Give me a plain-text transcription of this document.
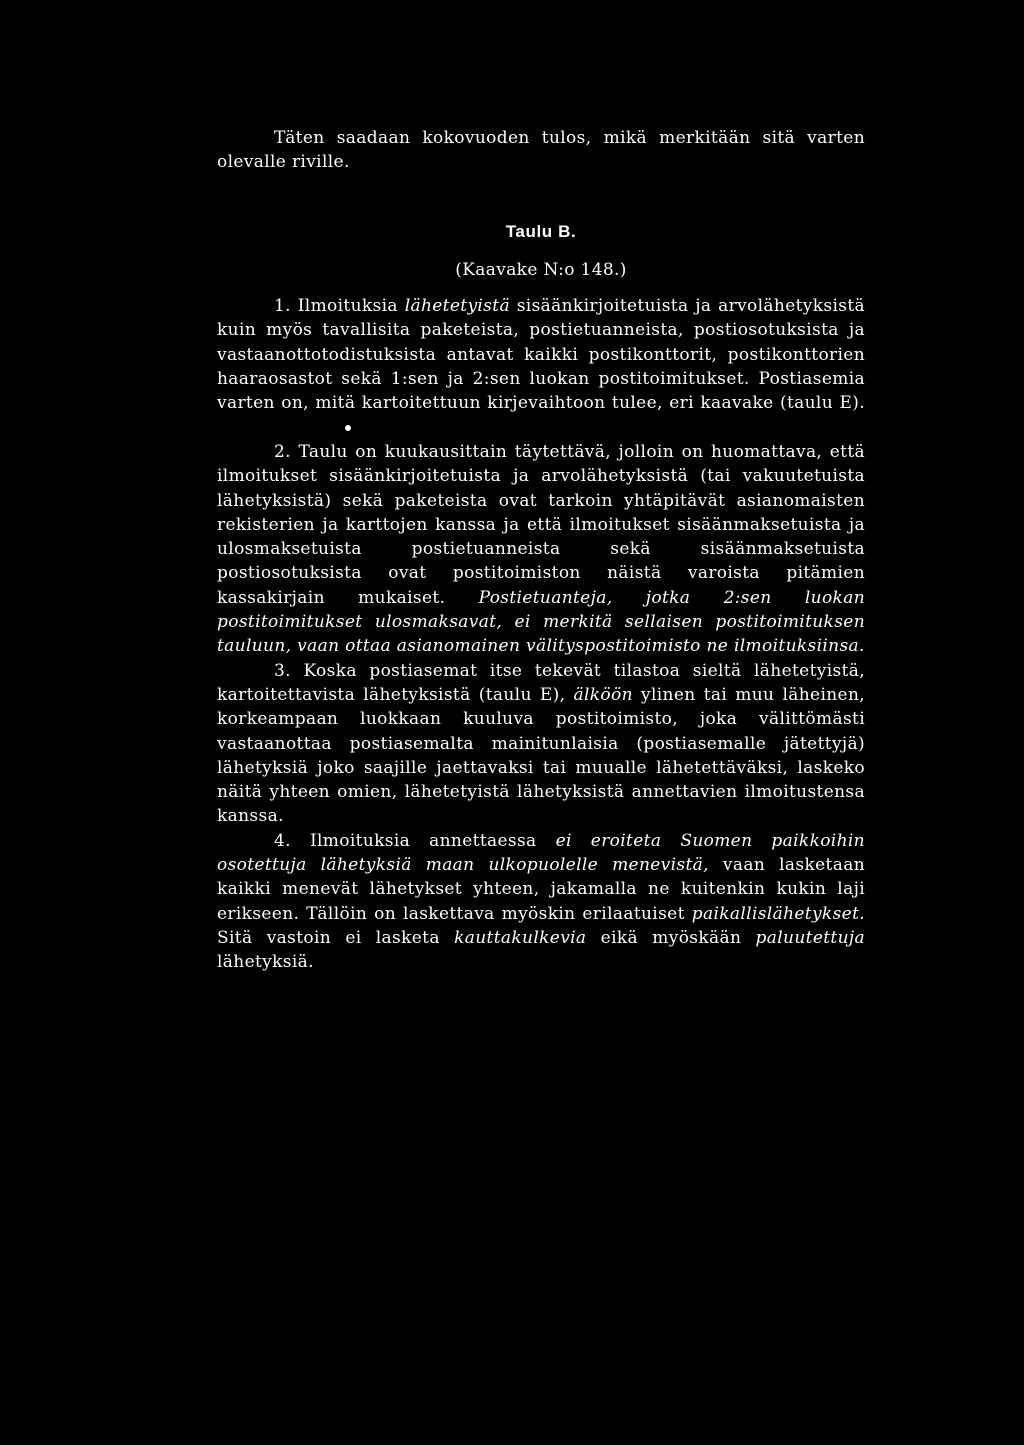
Täten saadaan kokovuoden tulos, mikä merkitään sitä varten olevalle riville.

Taulu B.

(Kaavake N:o 148.)

1. Ilmoituksia lähetetyistä sisäänkirjoitetuista ja arvolähetyksistä kuin myös tavallisita paketeista, postietuanneista, postiosotuksista ja vastaanottotodistuksista antavat kaikki postikonttorit, postikonttorien haaraosastot sekä 1:sen ja 2:sen luokan postitoimitukset. Postiasemia varten on, mitä kartoitettuun kirjevaihtoon tulee, eri kaavake (taulu E).

2. Taulu on kuukausittain täytettävä, jolloin on huomattava, että ilmoitukset sisäänkirjoitetuista ja arvolähetyksistä (tai vakuutetuista lähetyksistä) sekä paketeista ovat tarkoin yhtäpitävät asianomaisten rekisterien ja karttojen kanssa ja että ilmoitukset sisäänmaksetuista ja ulosmaksetuista postietuanneista sekä sisäänmaksetuista postiosotuksista ovat postitoimiston näistä varoista pitämien kassakirjain mukaiset. Postietuanteja, jotka 2:sen luokan postitoimitukset ulosmaksavat, ei merkitä sellaisen postitoimituksen tauluun, vaan ottaa asianomainen välityspostitoimisto ne ilmoituksiinsa.

3. Koska postiasemat itse tekevät tilastoa sieltä lähetetyistä, kartoitettavista lähetyksistä (taulu E), älköön ylinen tai muu läheinen, korkeampaan luokkaan kuuluva postitoimisto, joka välittömästi vastaanottaa postiasemalta mainitunlaisia (postiasemalle jätettyjä) lähetyksiä joko saajille jaettavaksi tai muualle lähetettäväksi, laskeko näitä yhteen omien, lähetetyistä lähetyksistä annettavien ilmoitustensa kanssa.

4. Ilmoituksia annettaessa ei eroiteta Suomen paikkoihin osotettuja lähetyksiä maan ulkopuolelle menevistä, vaan lasketaan kaikki menevät lähetykset yhteen, jakamalla ne kuitenkin kukin laji erikseen. Tällöin on laskettava myöskin erilaatuiset paikallislähetykset. Sitä vastoin ei lasketa kauttakulkevia eikä myöskään paluutettuja lähetyksiä.
